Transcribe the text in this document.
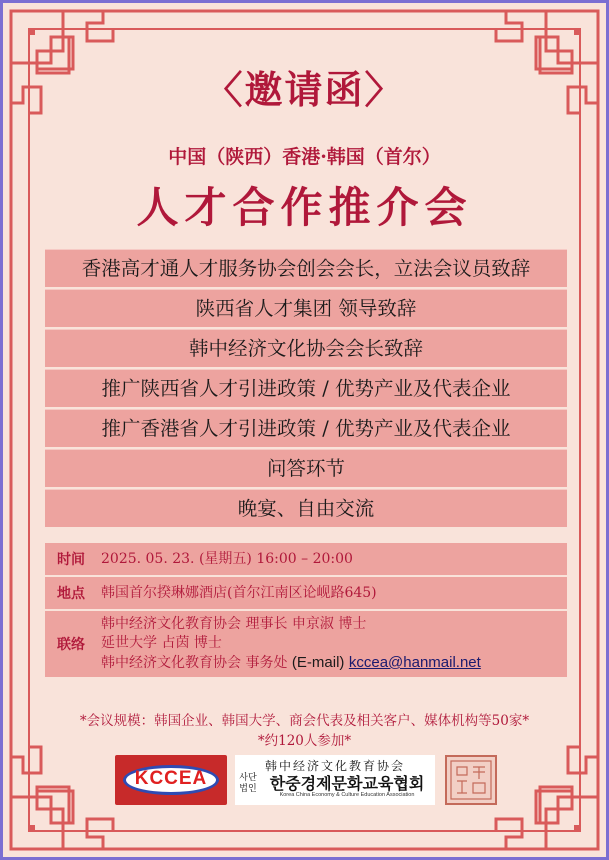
〈邀请函〉
中国（陕西）香港·韩国（首尔）
人才合作推介会
香港高才通人才服务协会创会会长，立法会议员致辞
陕西省人才集团 领导致辞
韩中经济文化协会会长致辞
推广陕西省人才引进政策 / 优势产业及代表企业
推广香港省人才引进政策 / 优势产业及代表企业
问答环节
晚宴、自由交流
时间	2025. 05. 23. (星期五) 16:00 – 20:00
地点	韩国首尔揆琳娜酒店(首尔江南区论岘路645)
联络
韩中经济文化教育协会 理事长 申京淑 博士
延世大学 占茵 博士
韩中经济文化教育协会 事务处 (E-mail) kccea@hanmail.net
*会议规模：韩国企业、韩国大学、商会代表及相关客户、媒体机构等50家*
*约120人参加*
KCCEA
韩中经济文化教育协会
사단 법인 한중경제문화교육협회
Korea China Economy & Culture Education Association
